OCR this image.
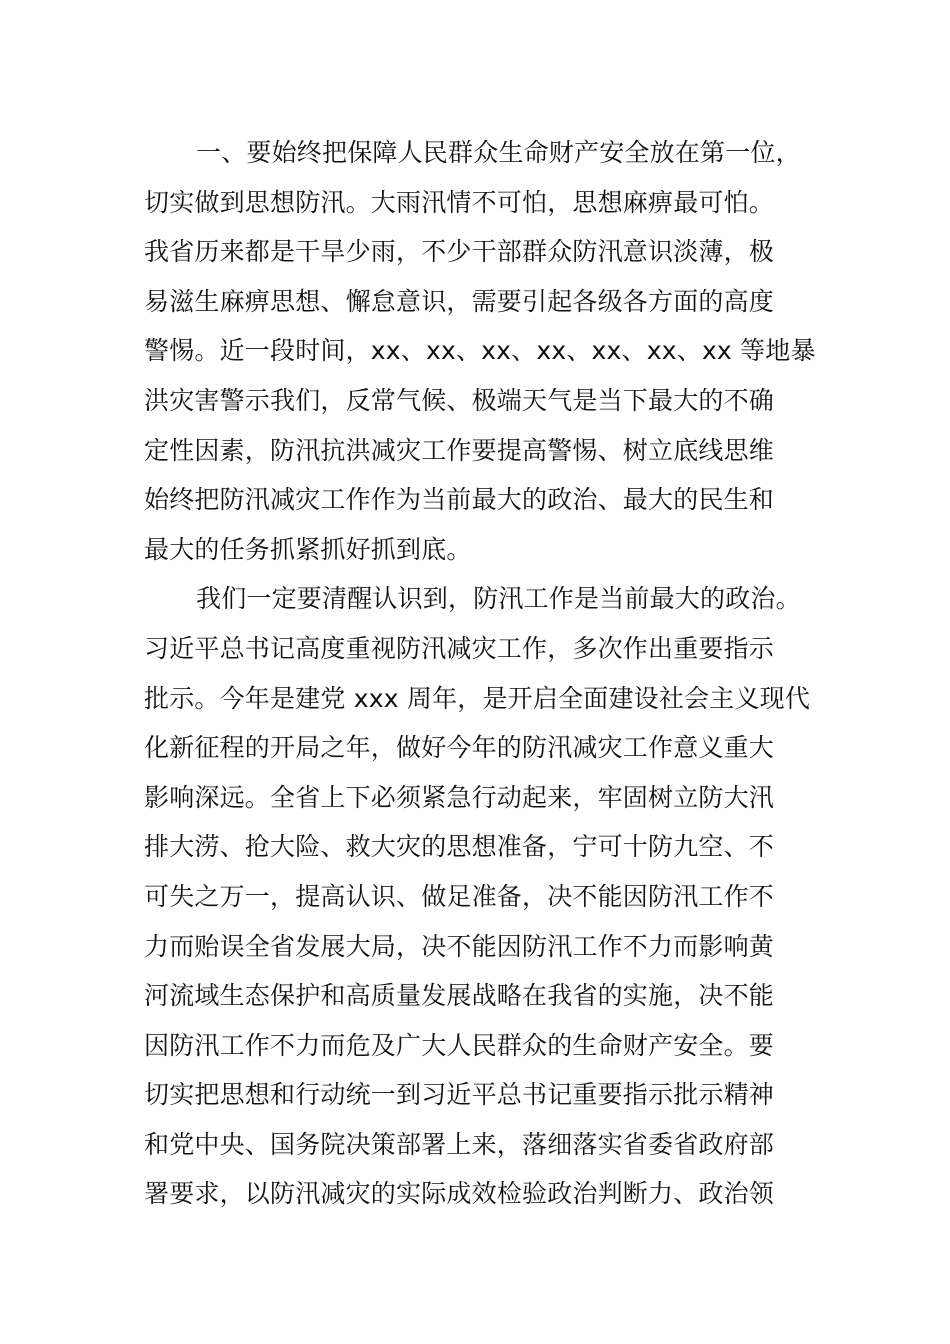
一、要始终把保障人民群众生命财产安全放在第一位，
切实做到思想防汛。大雨汛情不可怕，思想麻痹最可怕。
我省历来都是干旱少雨，不少干部群众防汛意识淡薄，极
易滋生麻痹思想、懈怠意识，需要引起各级各方面的高度
警惕。近一段时间，xx、xx、xx、xx、xx、xx、xx 等地暴
洪灾害警示我们，反常气候、极端天气是当下最大的不确
定性因素，防汛抗洪减灾工作要提高警惕、树立底线思维
始终把防汛减灾工作作为当前最大的政治、最大的民生和
最大的任务抓紧抓好抓到底。
我们一定要清醒认识到，防汛工作是当前最大的政治。
习近平总书记高度重视防汛减灾工作，多次作出重要指示
批示。今年是建党 xxx 周年，是开启全面建设社会主义现代
化新征程的开局之年，做好今年的防汛减灾工作意义重大
影响深远。全省上下必须紧急行动起来，牢固树立防大汛
排大涝、抢大险、救大灾的思想准备，宁可十防九空、不
可失之万一，提高认识、做足准备，决不能因防汛工作不
力而贻误全省发展大局，决不能因防汛工作不力而影响黄
河流域生态保护和高质量发展战略在我省的实施，决不能
因防汛工作不力而危及广大人民群众的生命财产安全。要
切实把思想和行动统一到习近平总书记重要指示批示精神
和党中央、国务院决策部署上来，落细落实省委省政府部
署要求，以防汛减灾的实际成效检验政治判断力、政治领
